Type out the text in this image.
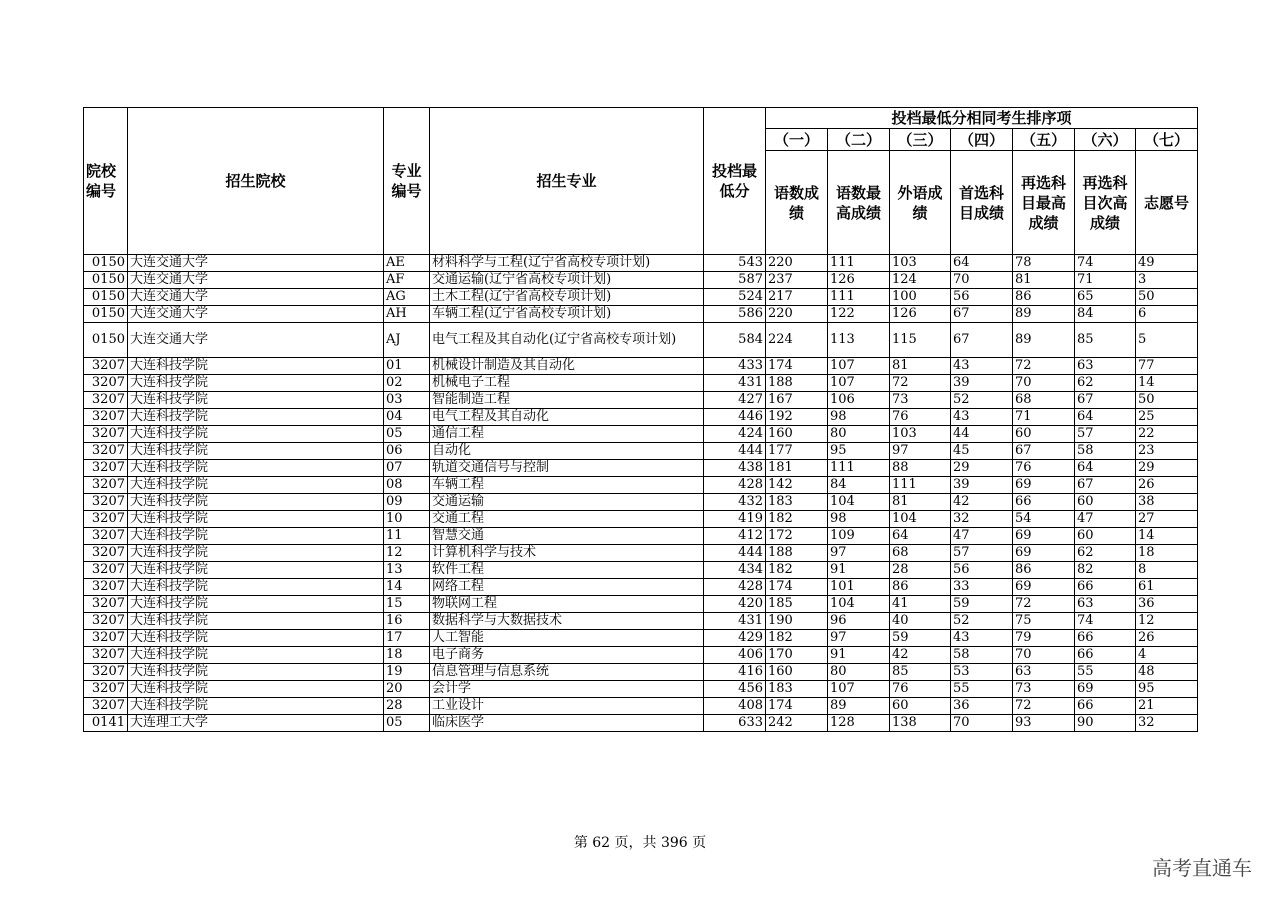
院校编号	招生院校	专业编号	招生专业	投档最低分	投档最低分相同考生排序项						
					（一）	（二）	（三）	（四）	（五）	（六）	（七）
					语数成绩	语数最高成绩	外语成绩	首选科目成绩	再选科目最高成绩	再选科目次高成绩	志愿号
0150	大连交通大学	AE	材料科学与工程(辽宁省高校专项计划)	543	220	111	103	64	78	74	49
0150	大连交通大学	AF	交通运输(辽宁省高校专项计划)	587	237	126	124	70	81	71	3
0150	大连交通大学	AG	土木工程(辽宁省高校专项计划)	524	217	111	100	56	86	65	50
0150	大连交通大学	AH	车辆工程(辽宁省高校专项计划)	586	220	122	126	67	89	84	6
0150	大连交通大学	AJ	电气工程及其自动化(辽宁省高校专项计划)	584	224	113	115	67	89	85	5
3207	大连科技学院	01	机械设计制造及其自动化	433	174	107	81	43	72	63	77
3207	大连科技学院	02	机械电子工程	431	188	107	72	39	70	62	14
3207	大连科技学院	03	智能制造工程	427	167	106	73	52	68	67	50
3207	大连科技学院	04	电气工程及其自动化	446	192	98	76	43	71	64	25
3207	大连科技学院	05	通信工程	424	160	80	103	44	60	57	22
3207	大连科技学院	06	自动化	444	177	95	97	45	67	58	23
3207	大连科技学院	07	轨道交通信号与控制	438	181	111	88	29	76	64	29
3207	大连科技学院	08	车辆工程	428	142	84	111	39	69	67	26
3207	大连科技学院	09	交通运输	432	183	104	81	42	66	60	38
3207	大连科技学院	10	交通工程	419	182	98	104	32	54	47	27
3207	大连科技学院	11	智慧交通	412	172	109	64	47	69	60	14
3207	大连科技学院	12	计算机科学与技术	444	188	97	68	57	69	62	18
3207	大连科技学院	13	软件工程	434	182	91	28	56	86	82	8
3207	大连科技学院	14	网络工程	428	174	101	86	33	69	66	61
3207	大连科技学院	15	物联网工程	420	185	104	41	59	72	63	36
3207	大连科技学院	16	数据科学与大数据技术	431	190	96	40	52	75	74	12
3207	大连科技学院	17	人工智能	429	182	97	59	43	79	66	26
3207	大连科技学院	18	电子商务	406	170	91	42	58	70	66	4
3207	大连科技学院	19	信息管理与信息系统	416	160	80	85	53	63	55	48
3207	大连科技学院	20	会计学	456	183	107	76	55	73	69	95
3207	大连科技学院	28	工业设计	408	174	89	60	36	72	66	21
0141	大连理工大学	05	临床医学	633	242	128	138	70	93	90	32
第 62 页，共 396 页
高考直通车
